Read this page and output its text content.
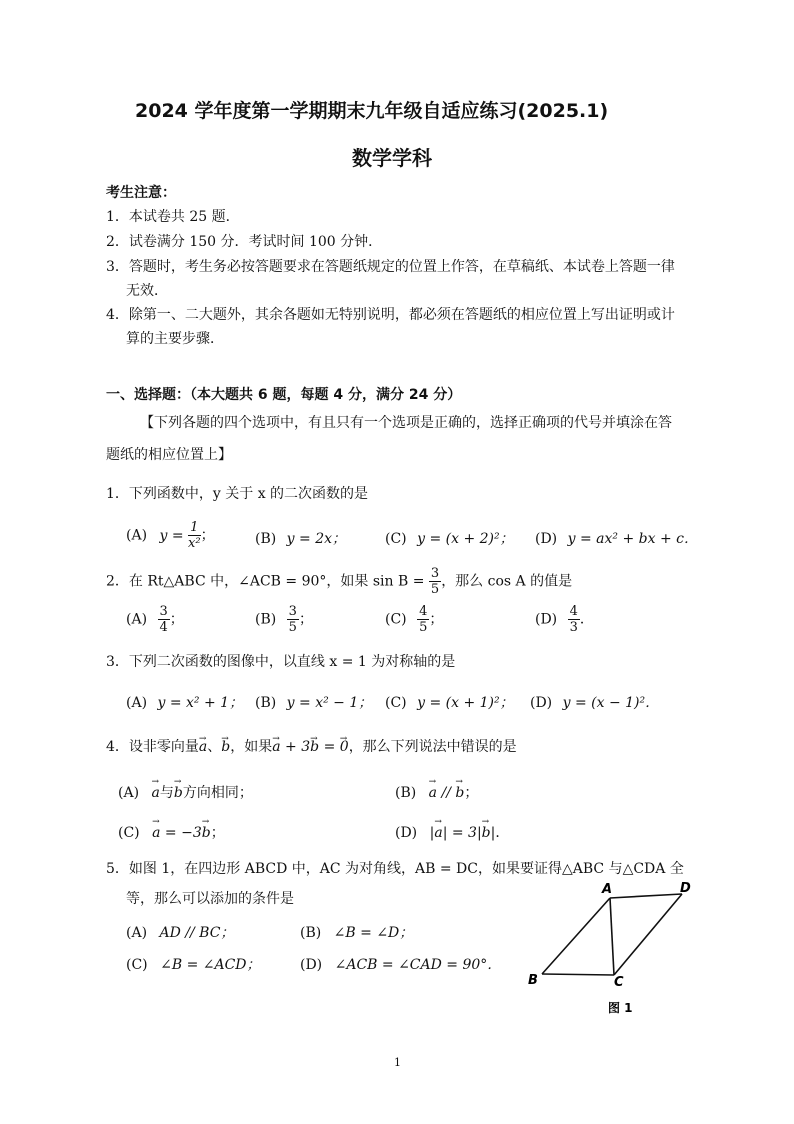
2024 学年度第一学期期末九年级自适应练习(2025.1)
数学学科
考生注意：
1．本试卷共 25 题．
2．试卷满分 150 分．考试时间 100 分钟．
3．答题时，考生务必按答题要求在答题纸规定的位置上作答，在草稿纸、本试卷上答题一律
无效．
4．除第一、二大题外，其余各题如无特别说明，都必须在答题纸的相应位置上写出证明或计
算的主要步骤．
一、选择题：（本大题共 6 题，每题 4 分，满分 24 分）
【下列各题的四个选项中，有且只有一个选项是正确的，选择正确项的代号并填涂在答
题纸的相应位置上】
1．下列函数中，y 关于 x 的二次函数的是
(A) $y = \frac{1}{\text{x²}}$ ；	(B) y = 2x；	(C) y = (x + 2)²； (D) y = ax² + bx + c．
2．在 Rt△ABC 中，∠ACB = 90°，如果 $\sin B = \frac{3}{5}$ ，那么 cos A 的值是
$(A) \frac{3}{4}$ ；	$(B) \frac{3}{5}$ ；	$(C) \frac{4}{5}$ ；	$(D) \frac{4}{3}$ ．
3．下列二次函数的图像中，以直线 x = 1 为对称轴的是
(A) y = x² + 1； (B) y = x² − 1； (C) y = (x + 1)²； (D) y = (x − 1)²．
4．设非零向量→ a、→ b，如果→ a + 3→ b = → 0，那么下列说法中错误的是
(A) → a与→ b方向相同；	(B) → a // → b；
(C) → a = −3→ b；	(D) |→ a| = 3|→ b|．
5．如图 1，在四边形 ABCD 中，AC 为对角线，AB = DC，如果要证得△ABC 与△CDA 全
等，那么可以添加的条件是
(A) AD // BC；	(B) ∠B = ∠D；
(C) ∠B = ∠ACD；	(D) ∠ACB = ∠CAD = 90°．
A	D
B	C
图 1
1
